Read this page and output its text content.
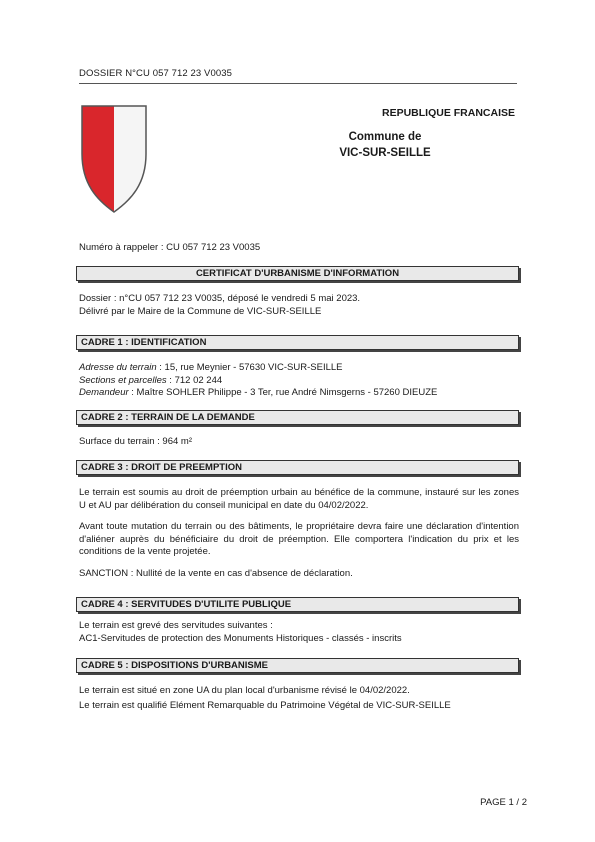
DOSSIER N°CU 057 712 23 V0035
REPUBLIQUE FRANCAISE
Commune de
VIC-SUR-SEILLE
Numéro à rappeler : CU 057 712 23 V0035
CERTIFICAT D'URBANISME D'INFORMATION

Dossier : n°CU 057 712 23 V0035, déposé le vendredi 5 mai 2023.

Délivré par le Maire de la Commune de VIC-SUR-SEILLE

CADRE 1 : IDENTIFICATION

Adresse du terrain : 15, rue Meynier - 57630 VIC-SUR-SEILLE

Sections et parcelles : 712 02 244

Demandeur : Maître SOHLER Philippe - 3 Ter, rue André Nimsgerns - 57260 DIEUZE

CADRE 2 : TERRAIN DE LA DEMANDE

Surface du terrain : 964 m²

CADRE 3 : DROIT DE PREEMPTION

Le terrain est soumis au droit de préemption urbain au bénéfice de la commune, instauré sur les zones U et AU par délibération du conseil municipal en date du 04/02/2022.

Avant toute mutation du terrain ou des bâtiments, le propriétaire devra faire une déclaration d'intention d'aliéner auprès du bénéficiaire du droit de préemption. Elle comportera l'indication du prix et les conditions de la vente projetée.

SANCTION : Nullité de la vente en cas d'absence de déclaration.

CADRE 4 : SERVITUDES D'UTILITE PUBLIQUE

Le terrain est grevé des servitudes suivantes :

AC1-Servitudes de protection des Monuments Historiques - classés - inscrits

CADRE 5 : DISPOSITIONS D'URBANISME

Le terrain est situé en zone UA du plan local d'urbanisme révisé le 04/02/2022.

Le terrain est qualifié Elément Remarquable du Patrimoine Végétal de VIC-SUR-SEILLE

PAGE 1 / 2
